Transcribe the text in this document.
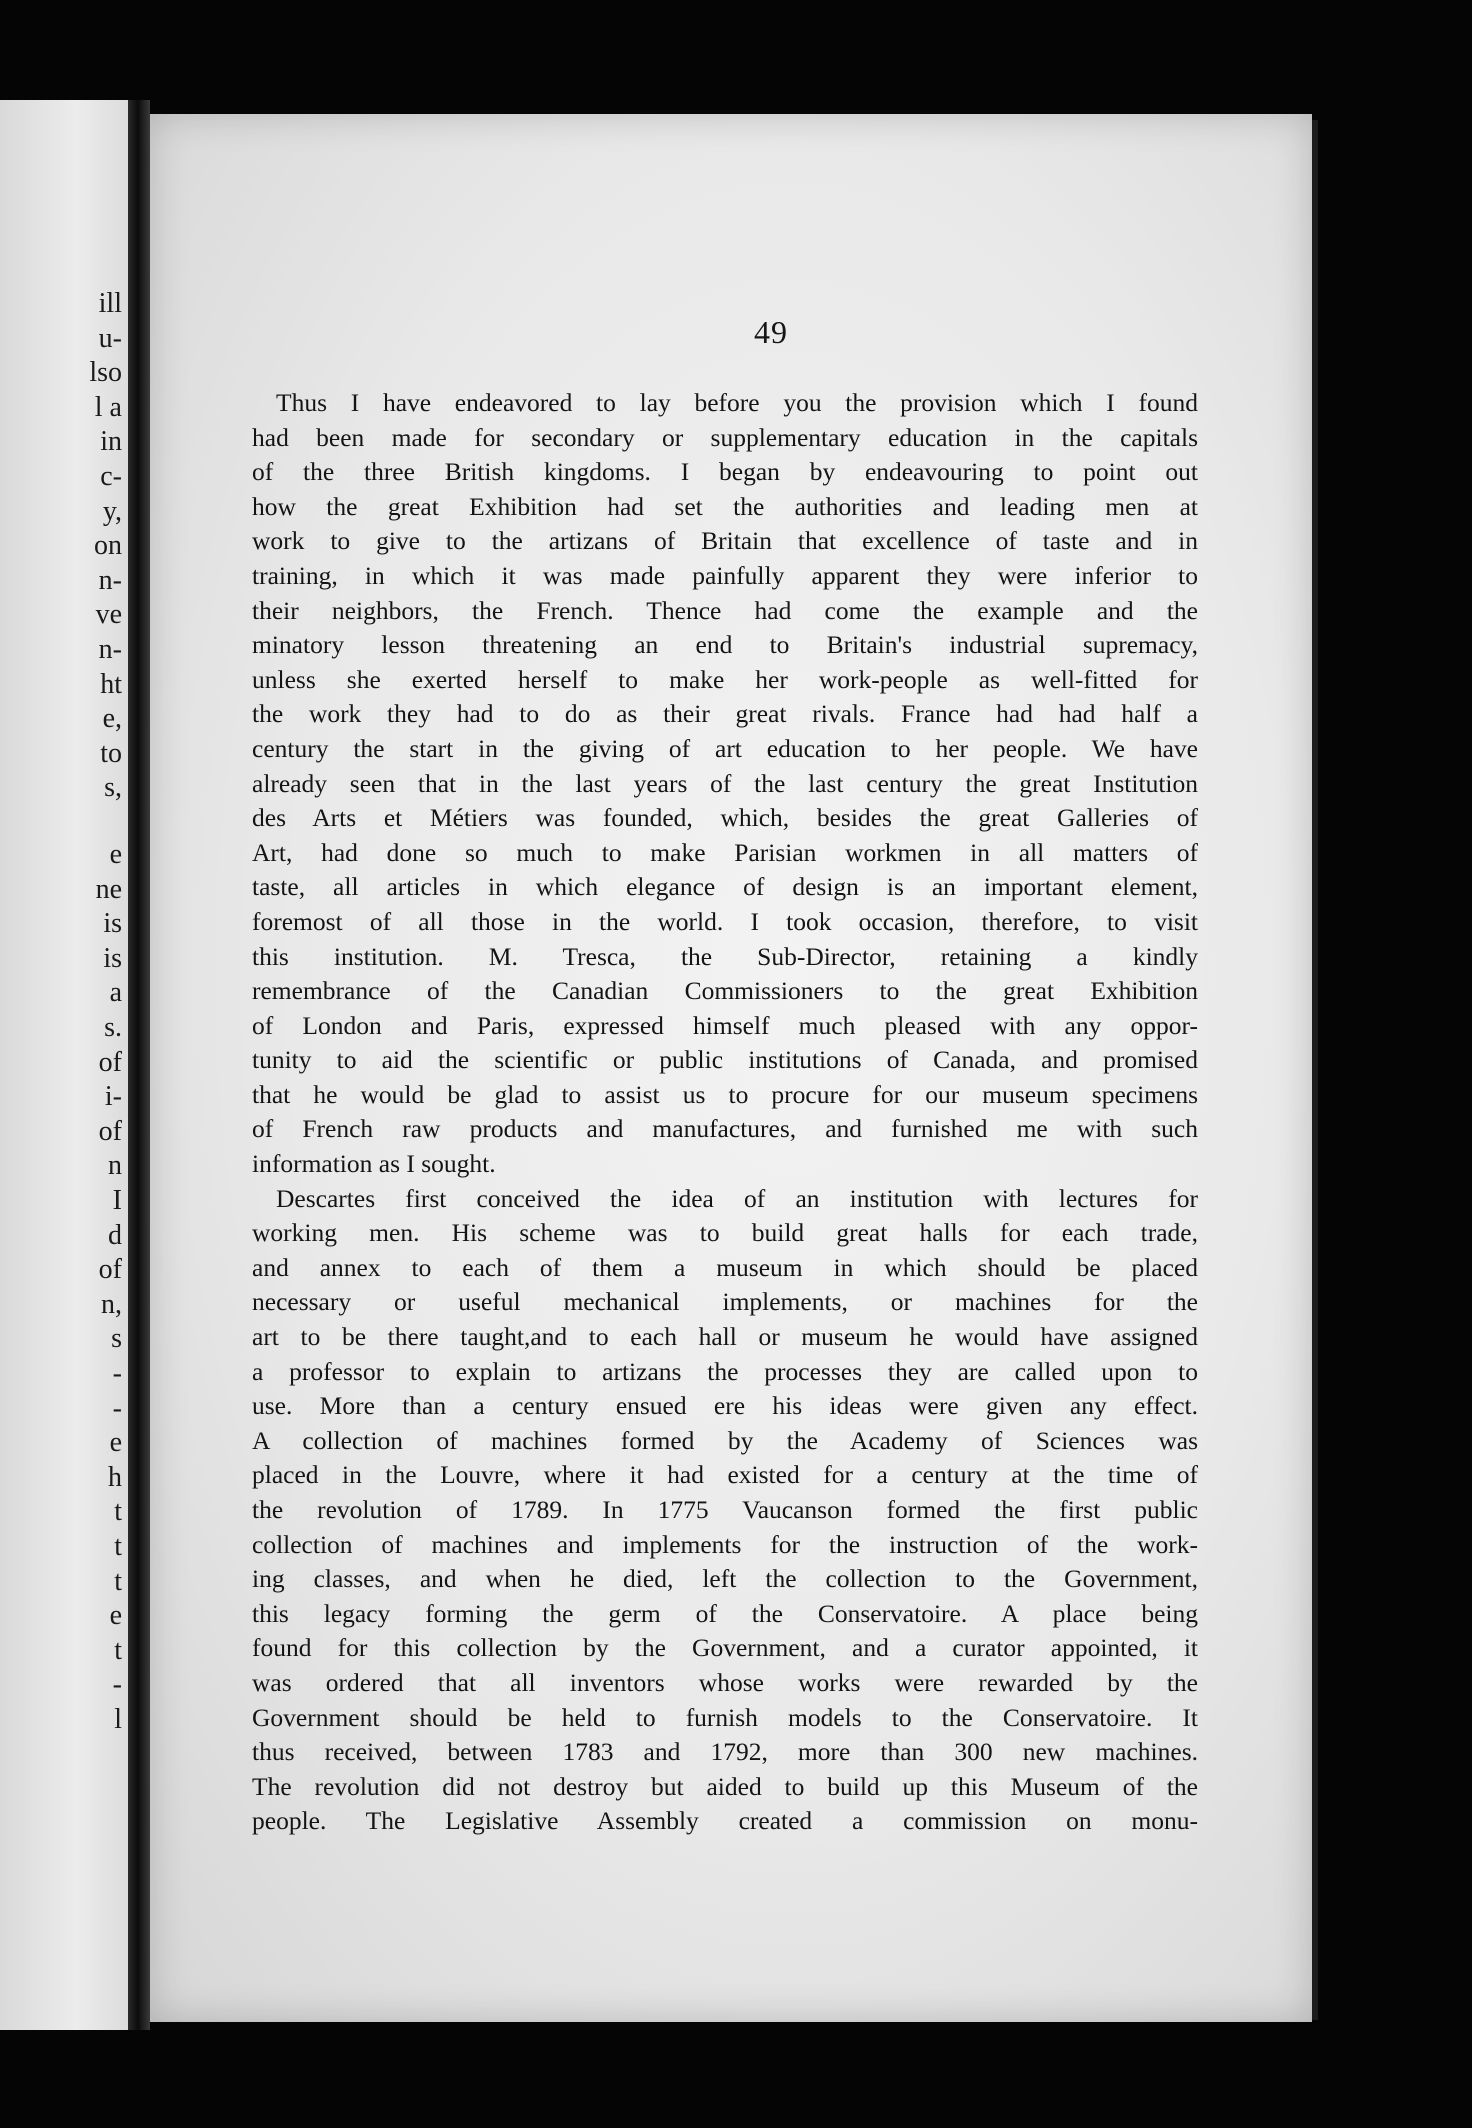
ill
u-
lso
l a
in
c-
y,
on
n-
ve
n-
ht
e,
to
s,
e
ne
is
is
a
s.
of
i-
of
n
I
d
of
n,
s
-
-
e
h
t
t
t
e
t
-
l
49
Thus I have endeavored to lay before you the provision which I found
had been made for secondary or supplementary education in the capitals
of the three British kingdoms. I began by endeavouring to point out
how the great Exhibition had set the authorities and leading men at
work to give to the artizans of Britain that excellence of taste and in
training, in which it was made painfully apparent they were inferior to
their neighbors, the French. Thence had come the example and the
minatory lesson threatening an end to Britain's industrial supremacy,
unless she exerted herself to make her work-people as well-fitted for
the work they had to do as their great rivals. France had had half a
century the start in the giving of art education to her people. We have
already seen that in the last years of the last century the great Institution
des Arts et Métiers was founded, which, besides the great Galleries of
Art, had done so much to make Parisian workmen in all matters of
taste, all articles in which elegance of design is an important element,
foremost of all those in the world. I took occasion, therefore, to visit
this institution. M. Tresca, the Sub-Director, retaining a kindly
remembrance of the Canadian Commissioners to the great Exhibition
of London and Paris, expressed himself much pleased with any oppor-
tunity to aid the scientific or public institutions of Canada, and promised
that he would be glad to assist us to procure for our museum specimens
of French raw products and manufactures, and furnished me with such
information as I sought.
Descartes first conceived the idea of an institution with lectures for
working men. His scheme was to build great halls for each trade,
and annex to each of them a museum in which should be placed
necessary or useful mechanical implements, or machines for the
art to be there taught,and to each hall or museum he would have assigned
a professor to explain to artizans the processes they are called upon to
use. More than a century ensued ere his ideas were given any effect.
A collection of machines formed by the Academy of Sciences was
placed in the Louvre, where it had existed for a century at the time of
the revolution of 1789. In 1775 Vaucanson formed the first public
collection of machines and implements for the instruction of the work-
ing classes, and when he died, left the collection to the Government,
this legacy forming the germ of the Conservatoire. A place being
found for this collection by the Government, and a curator appointed, it
was ordered that all inventors whose works were rewarded by the
Government should be held to furnish models to the Conservatoire. It
thus received, between 1783 and 1792, more than 300 new machines.
The revolution did not destroy but aided to build up this Museum of the
people. The Legislative Assembly created a commission on monu-
